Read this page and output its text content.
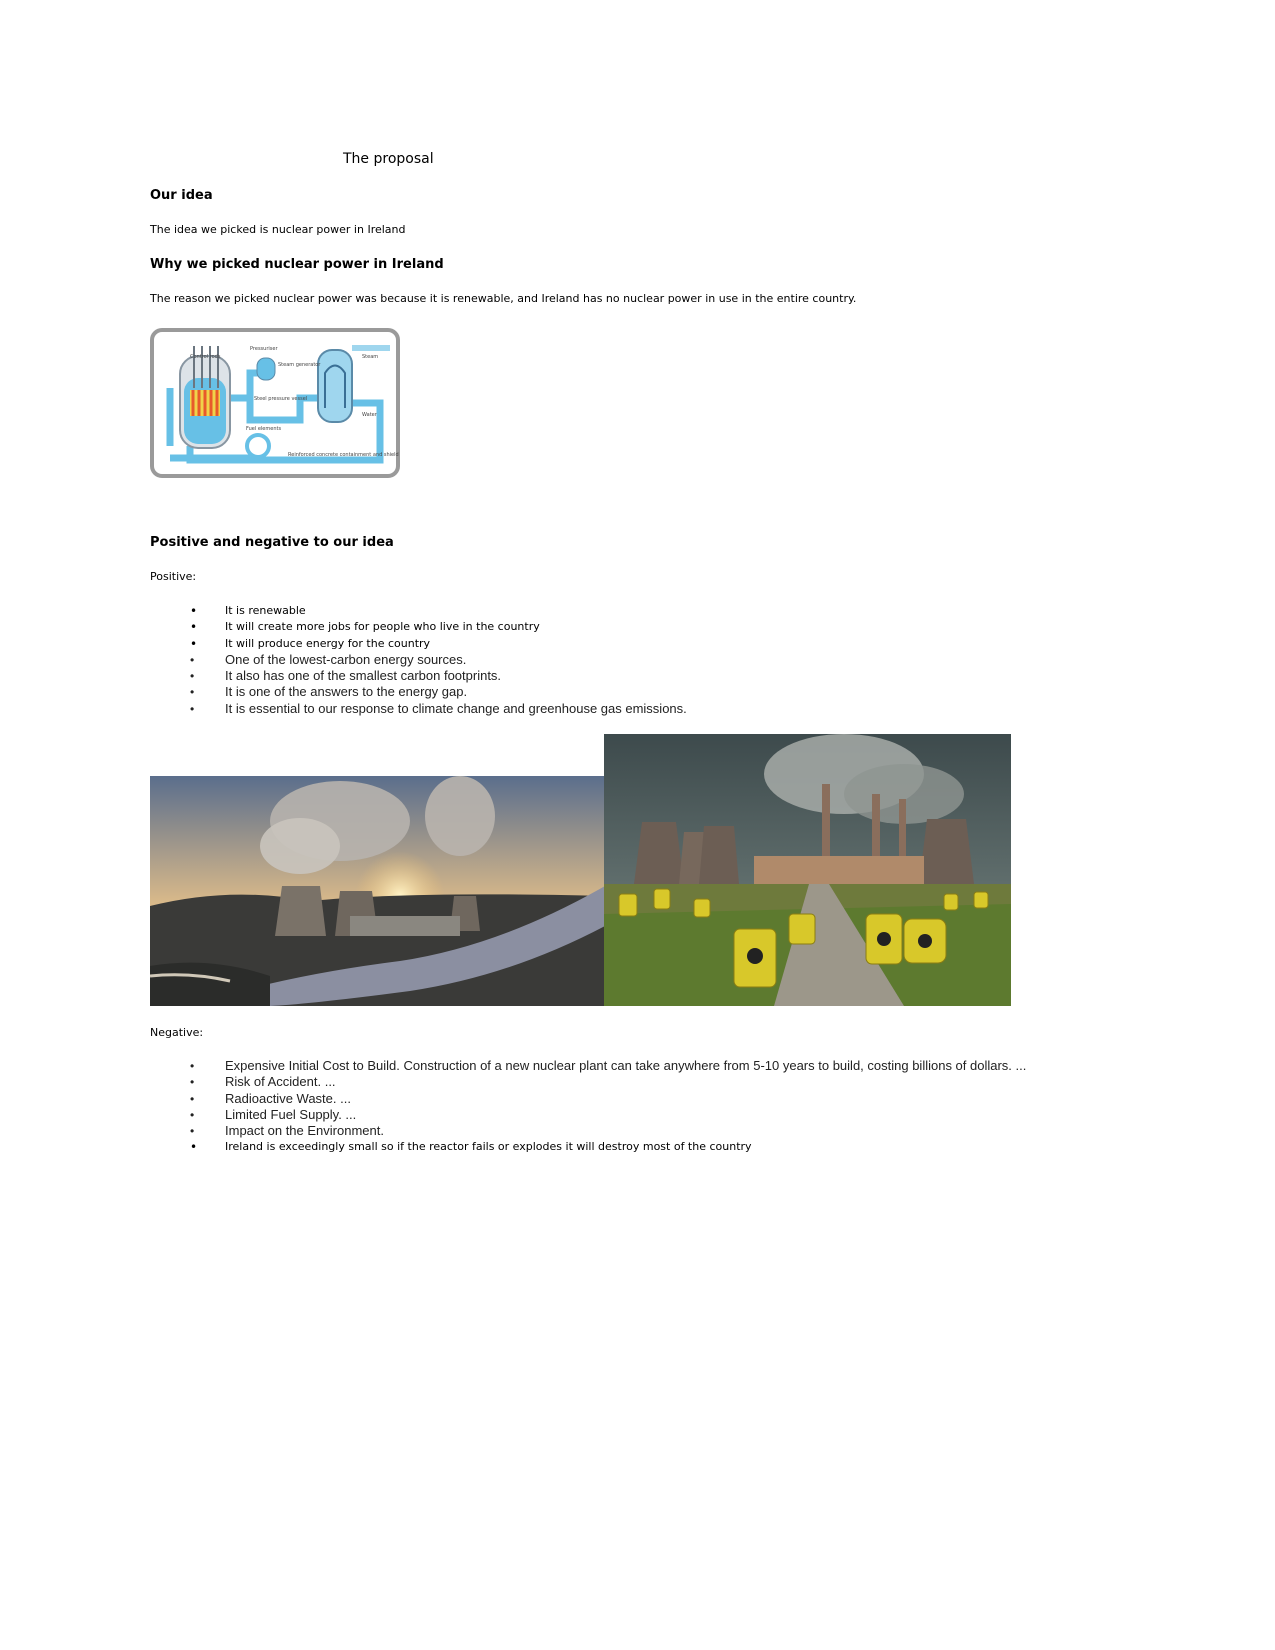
The proposal
Our idea
The idea we picked is nuclear power in Ireland
Why we picked nuclear power in Ireland
The reason we picked nuclear power was because it is renewable, and Ireland has no nuclear power in use in the entire country.
Control rods
Pressuriser
Steam generator
Steam
Steel pressure vessel
Fuel elements
Water
Reinforced concrete containment and shield
Positive and negative to our idea
Positive:
•	It is renewable
•	It will create more jobs for people who live in the country
•	It will produce energy for the country
• One of the lowest-carbon energy sources.
• It also has one of the smallest carbon footprints.
• It is one of the answers to the energy gap.
• It is essential to our response to climate change and greenhouse gas emissions.
Negative:
• Expensive Initial Cost to Build. Construction of a new nuclear plant can take anywhere from 5-10 years to build, costing billions of dollars. ...
• Risk of Accident. ...
• Radioactive Waste. ...
• Limited Fuel Supply. ...
• Impact on the Environment.
•	Ireland is exceedingly small so if the reactor fails or explodes it will destroy most of the country
